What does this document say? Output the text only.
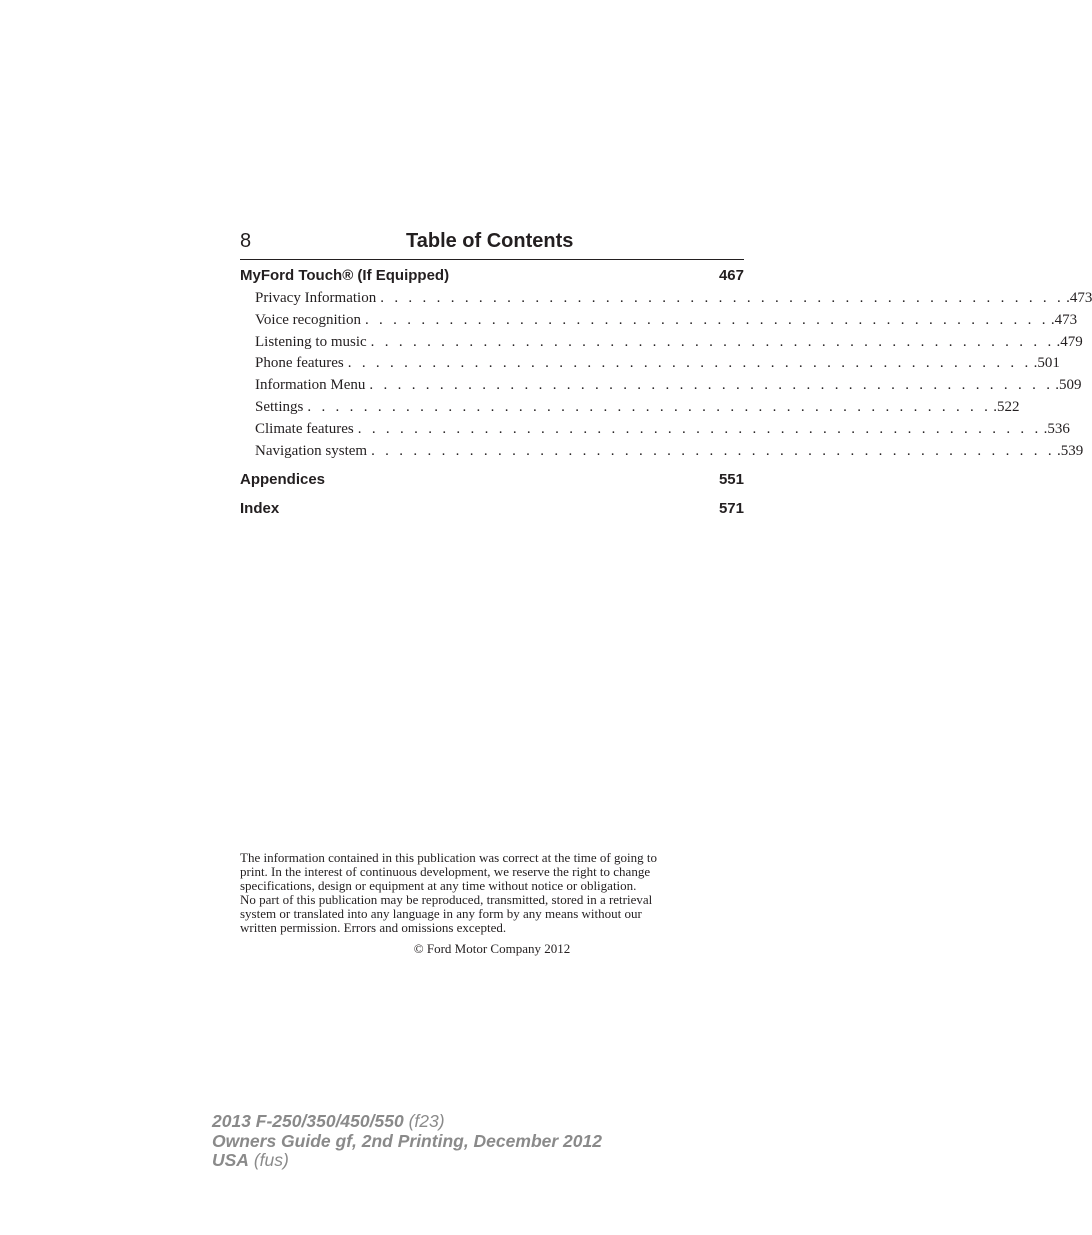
8	Table of Contents
MyFord Touch® (If Equipped)	467
Privacy Information . . . . . . . . . . . . . . . . . . . . . . . . . . . . . . . . . . . . . . . . . . . . . . . . . .473
Voice recognition . . . . . . . . . . . . . . . . . . . . . . . . . . . . . . . . . . . . . . . . . . . . . . . . . .473
Listening to music . . . . . . . . . . . . . . . . . . . . . . . . . . . . . . . . . . . . . . . . . . . . . . . . . .479
Phone features . . . . . . . . . . . . . . . . . . . . . . . . . . . . . . . . . . . . . . . . . . . . . . . . . .501
Information Menu . . . . . . . . . . . . . . . . . . . . . . . . . . . . . . . . . . . . . . . . . . . . . . . . . .509
Settings . . . . . . . . . . . . . . . . . . . . . . . . . . . . . . . . . . . . . . . . . . . . . . . . . .522
Climate features . . . . . . . . . . . . . . . . . . . . . . . . . . . . . . . . . . . . . . . . . . . . . . . . . .536
Navigation system . . . . . . . . . . . . . . . . . . . . . . . . . . . . . . . . . . . . . . . . . . . . . . . . . .539
Appendices	551
Index	571
The information contained in this publication was correct at the time of going to
print. In the interest of continuous development, we reserve the right to change
specifications, design or equipment at any time without notice or obligation.
No part of this publication may be reproduced, transmitted, stored in a retrieval
system or translated into any language in any form by any means without our
written permission. Errors and omissions excepted.
© Ford Motor Company 2012
2013 F-250/350/450/550 (f23)
Owners Guide gf, 2nd Printing, December 2012
USA (fus)
